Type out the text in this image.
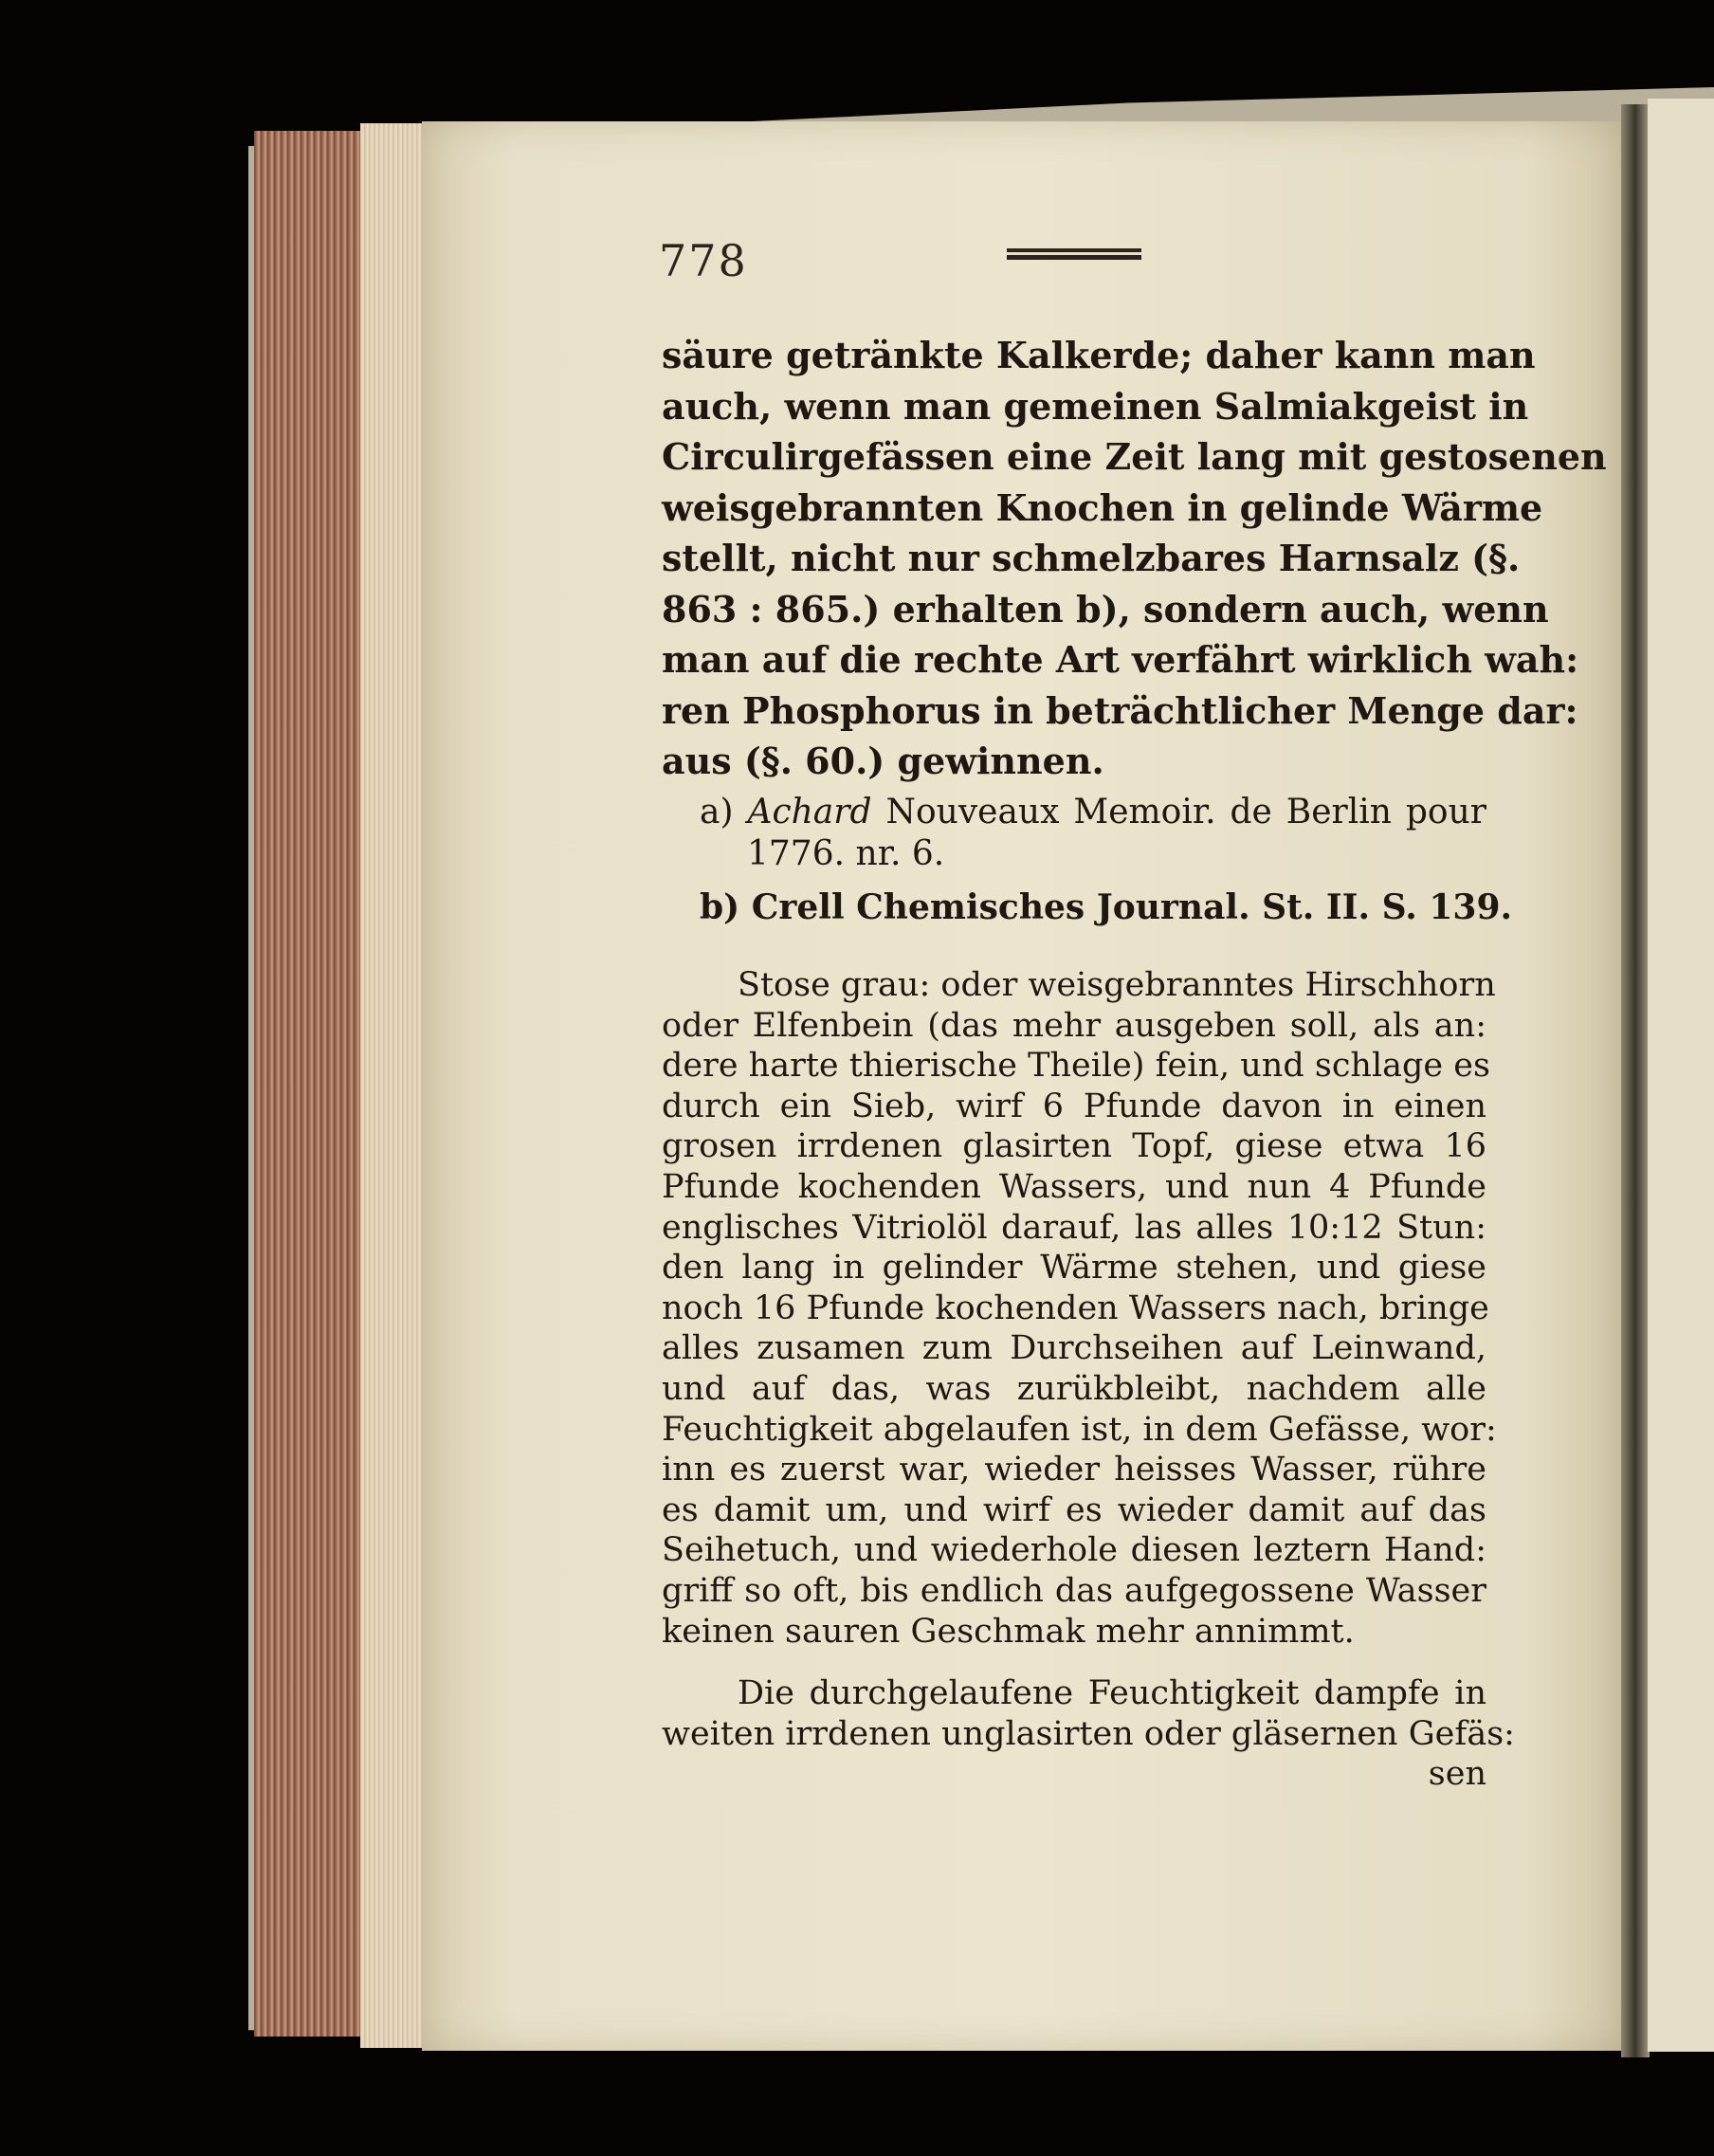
778
säure getränkte Kalkerde; daher kann man
auch, wenn man gemeinen Salmiakgeist in
Circulirgefässen eine Zeit lang mit gestosenen
weisgebrannten Knochen in gelinde Wärme
stellt, nicht nur schmelzbares Harnsalz (§.
863 : 865.) erhalten b), sondern auch, wenn
man auf die rechte Art verfährt wirklich wah:
ren Phosphorus in beträchtlicher Menge dar:
aus (§. 60.) gewinnen.
a) Achard Nouveaux Memoir. de Berlin pour
1776. nr. 6.
b) Crell Chemisches Journal. St. II. S. 139.
Stose grau: oder weisgebranntes Hirschhorn
oder Elfenbein (das mehr ausgeben soll, als an:
dere harte thierische Theile) fein, und schlage es
durch ein Sieb, wirf 6 Pfunde davon in einen
grosen irrdenen glasirten Topf, giese etwa 16
Pfunde kochenden Wassers, und nun 4 Pfunde
englisches Vitriolöl darauf, las alles 10:12 Stun:
den lang in gelinder Wärme stehen, und giese
noch 16 Pfunde kochenden Wassers nach, bringe
alles zusamen zum Durchseihen auf Leinwand,
und auf das, was zurükbleibt, nachdem alle
Feuchtigkeit abgelaufen ist, in dem Gefässe, wor:
inn es zuerst war, wieder heisses Wasser, rühre
es damit um, und wirf es wieder damit auf das
Seihetuch, und wiederhole diesen leztern Hand:
griff so oft, bis endlich das aufgegossene Wasser
keinen sauren Geschmak mehr annimmt.
Die durchgelaufene Feuchtigkeit dampfe in
weiten irrdenen unglasirten oder gläsernen Gefäs:
sen
